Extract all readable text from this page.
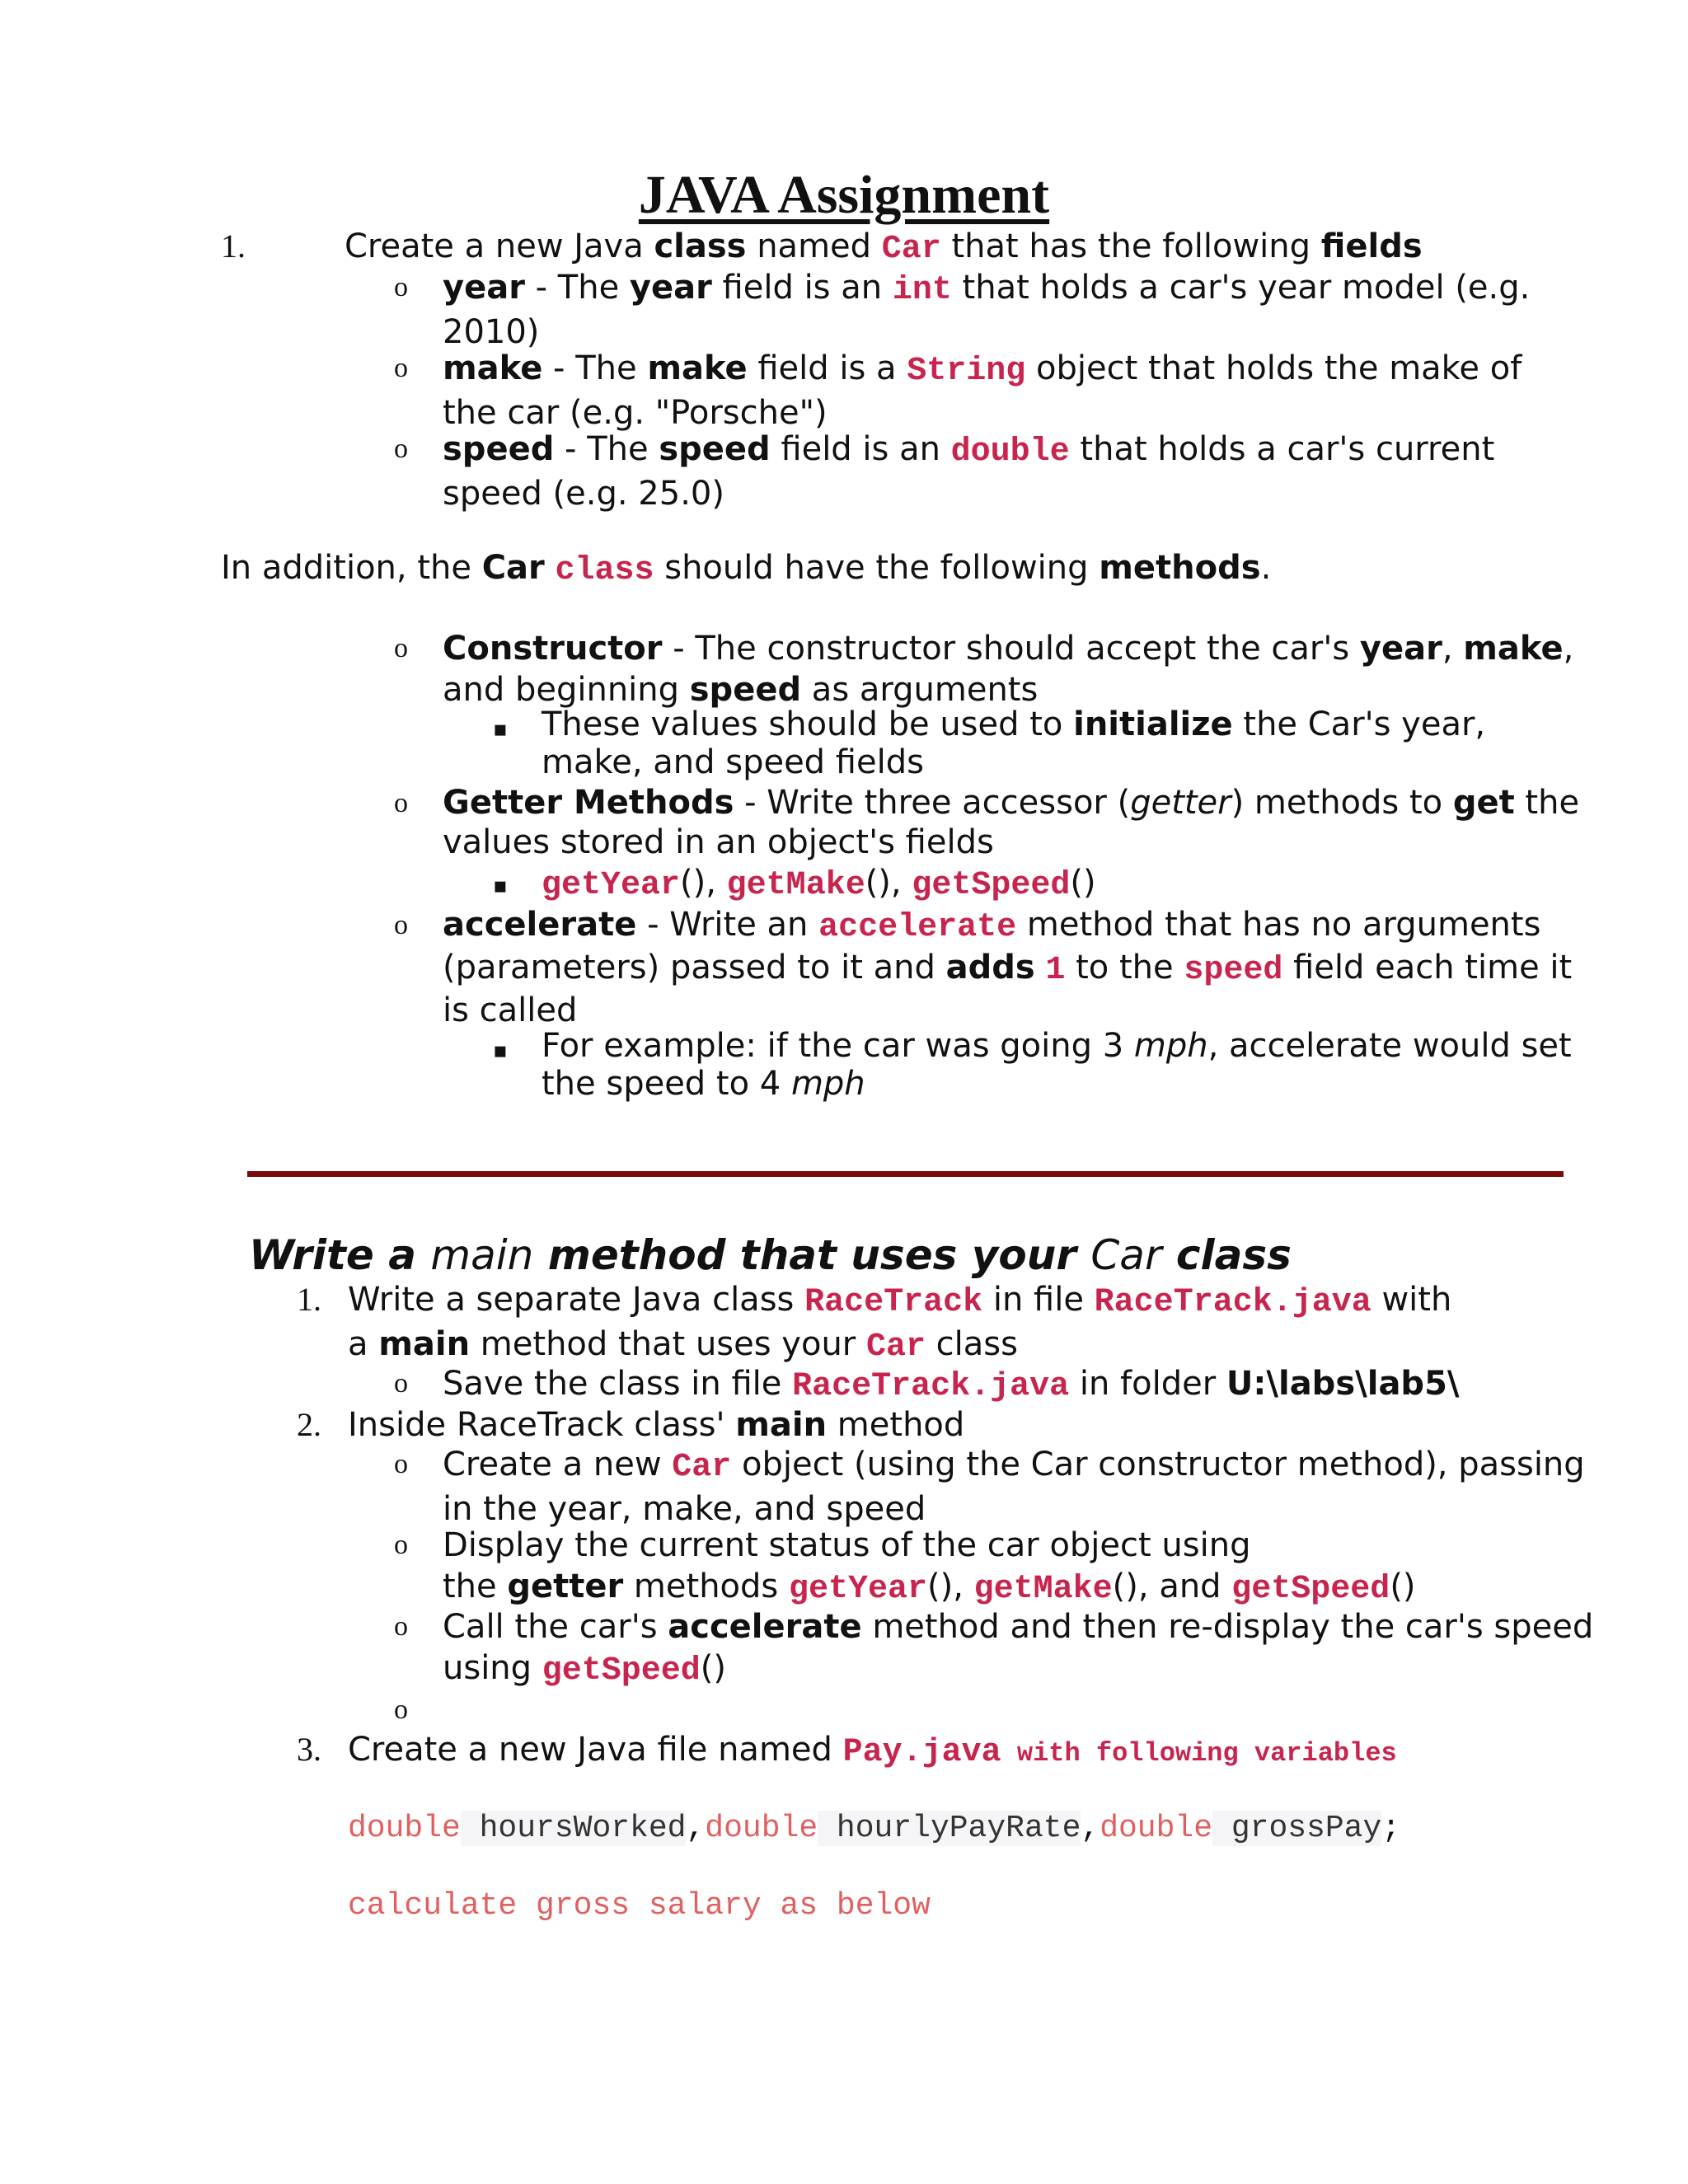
JAVA Assignment
1.	Create a new Java class named Car that has the following fields
o year - The year field is an int that holds a car's year model (e.g.
2010)
o make - The make field is a String object that holds the make of
the car (e.g. "Porsche")
o speed - The speed field is an double that holds a car's current
speed (e.g. 25.0)
In addition, the Car class should have the following methods.
o Constructor - The constructor should accept the car's year, make,
and beginning speed as arguments
▪ These values should be used to initialize the Car's year,
make, and speed fields
o Getter Methods - Write three accessor (getter) methods to get the
values stored in an object's fields
▪ getYear(), getMake(), getSpeed()
o accelerate - Write an accelerate method that has no arguments
(parameters) passed to it and adds 1 to the speed field each time it
is called
▪ For example: if the car was going 3 mph, accelerate would set
the speed to 4 mph
Write a main method that uses your Car class
1. Write a separate Java class RaceTrack in file RaceTrack.java with
a main method that uses your Car class
o Save the class in file RaceTrack.java in folder U:\labs\lab5\
2. Inside RaceTrack class' main method
o Create a new Car object (using the Car constructor method), passing
in the year, make, and speed
o Display the current status of the car object using
the getter methods getYear(), getMake(), and getSpeed()
o Call the car's accelerate method and then re-display the car's speed
using getSpeed()
o
3. Create a new Java file named Pay.java with following variables
double hoursWorked,double hourlyPayRate,double grossPay;
calculate gross salary as below
